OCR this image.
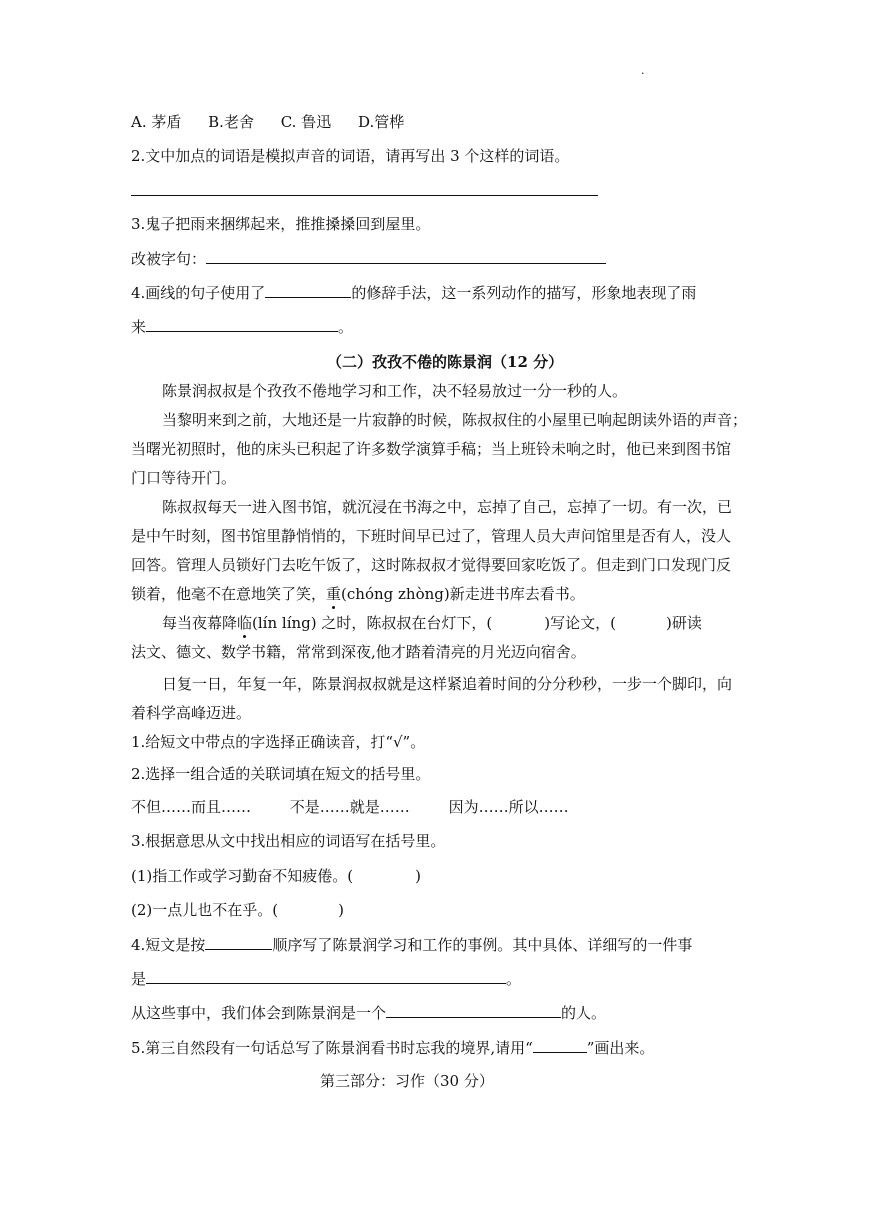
·
A. 茅盾 B.老舍 C. 鲁迅 D.管桦
2.文中加点的词语是模拟声音的词语，请再写出 3 个这样的词语。
3.鬼子把雨来捆绑起来，推推搡搡回到屋里。
改被字句：
4.画线的句子使用了	的修辞手法，这一系列动作的描写，形象地表现了雨
来	。
（二）孜孜不倦的陈景润（12 分）
陈景润叔叔是个孜孜不倦地学习和工作，决不轻易放过一分一秒的人。
当黎明来到之前，大地还是一片寂静的时候，陈叔叔住的小屋里已响起朗读外语的声音；
当曙光初照时，他的床头已积起了许多数学演算手稿；当上班铃未响之时，他已来到图书馆
门口等待开门。
陈叔叔每天一进入图书馆，就沉浸在书海之中，忘掉了自己，忘掉了一切。有一次，已
是中午时刻，图书馆里静悄悄的，下班时间早已过了，管理人员大声问馆里是否有人，没人
回答。管理人员锁好门去吃午饭了，这时陈叔叔才觉得要回家吃饭了。但走到门口发现门反
锁着，他毫不在意地笑了笑，重(chóng zhòng)新走进书库去看书。
每当夜幕降临(lín líng) 之时，陈叔叔在台灯下，(	)写论文，(	)研读
法文、德文、数学书籍，常常到深夜,他才踏着清亮的月光迈向宿舍。
日复一日，年复一年，陈景润叔叔就是这样紧追着时间的分分秒秒，一步一个脚印，向
着科学高峰迈进。
1.给短文中带点的字选择正确读音，打“√”。
2.选择一组合适的关联词填在短文的括号里。
不但……而且……	不是……就是……	因为……所以……
3.根据意思从文中找出相应的词语写在括号里。
(1)指工作或学习勤奋不知疲倦。(	)
(2)一点儿也不在乎。(	)
4.短文是按	顺序写了陈景润学习和工作的事例。其中具体、详细写的一件事
是	。
从这些事中，我们体会到陈景润是一个	的人。
5.第三自然段有一句话总写了陈景润看书时忘我的境界,请用“	”画出来。
第三部分：习作（30 分）
